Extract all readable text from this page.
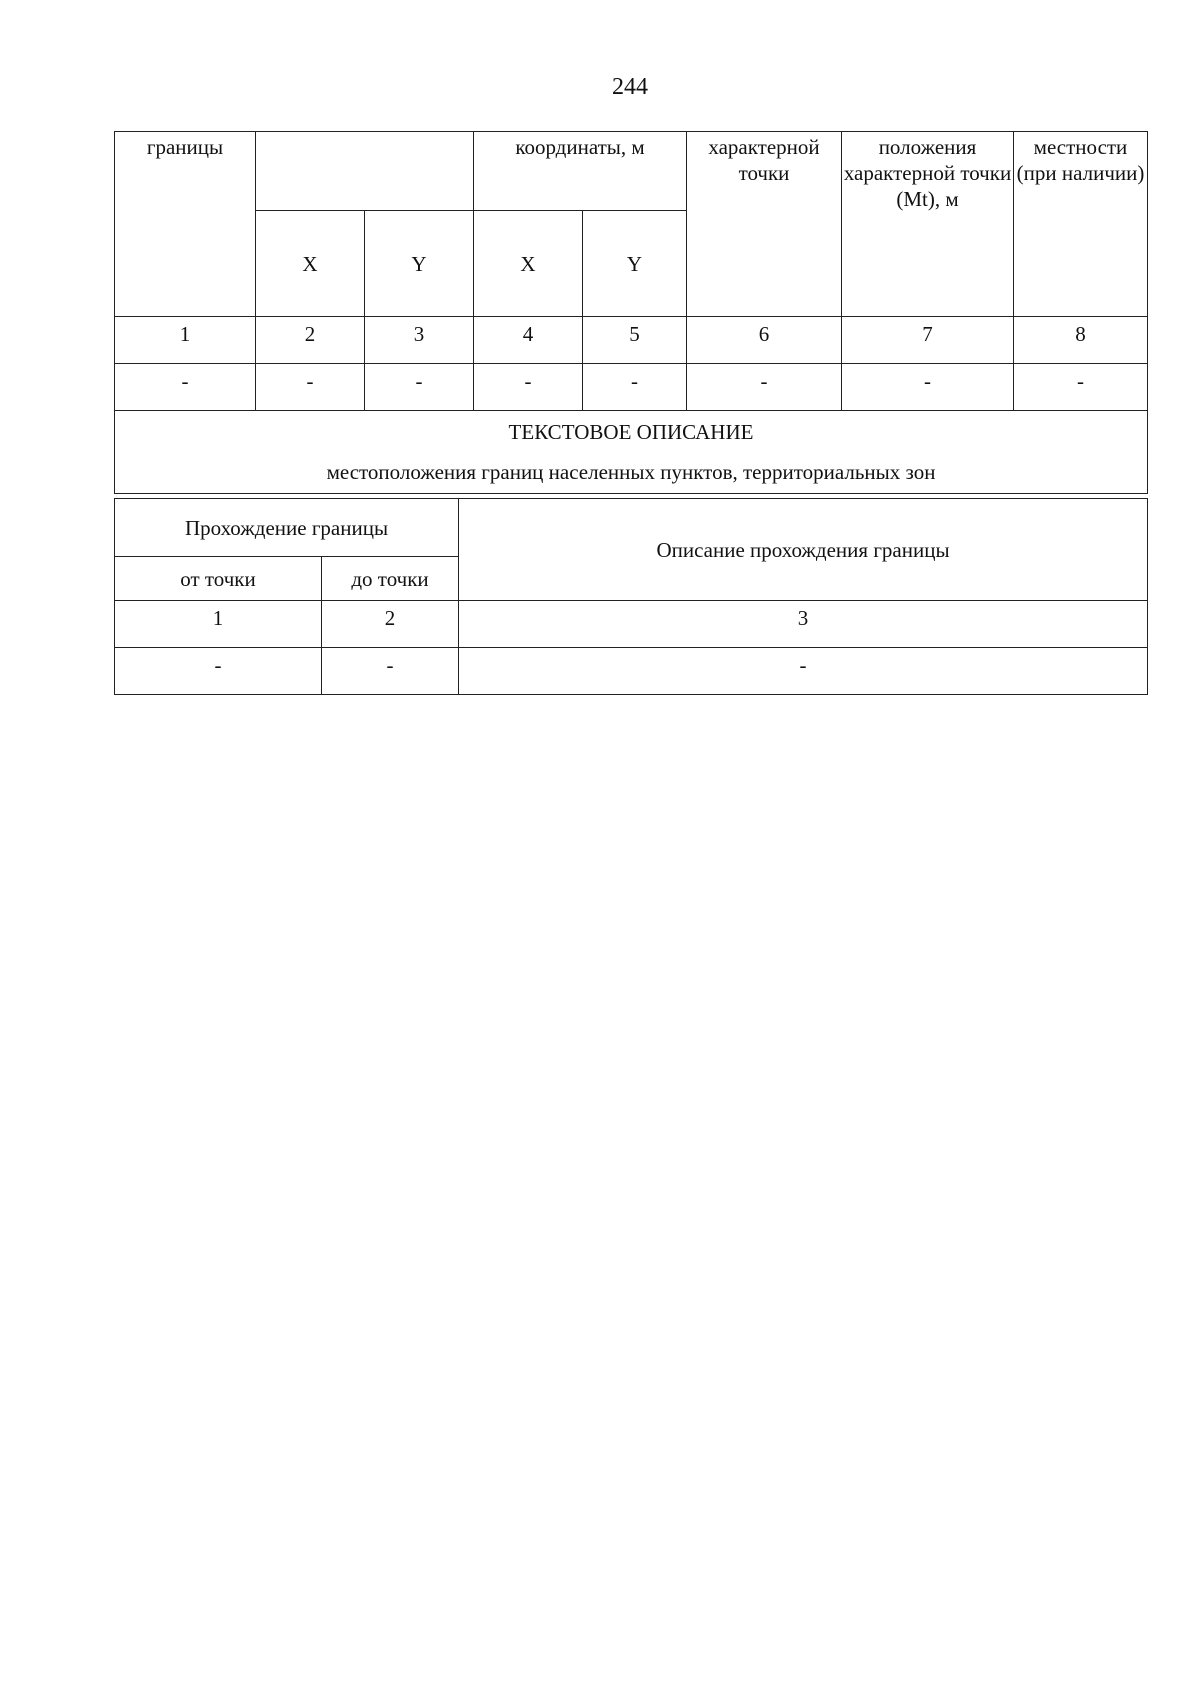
244
границы			координаты, м		характерной точки	положения характерной точки (Mt), м	местности (при наличии)
	X	Y	X	Y			
1	2	3	4	5	6	7	8
-	-	-	-	-	-	-	-

ТЕКСТОВОЕ ОПИСАНИЕ
местоположения границ населенных пунктов, территориальных зон							
Прохождение границы		Описание прохождения границы
от точки	до точки	
1	2	3
-	-	-
